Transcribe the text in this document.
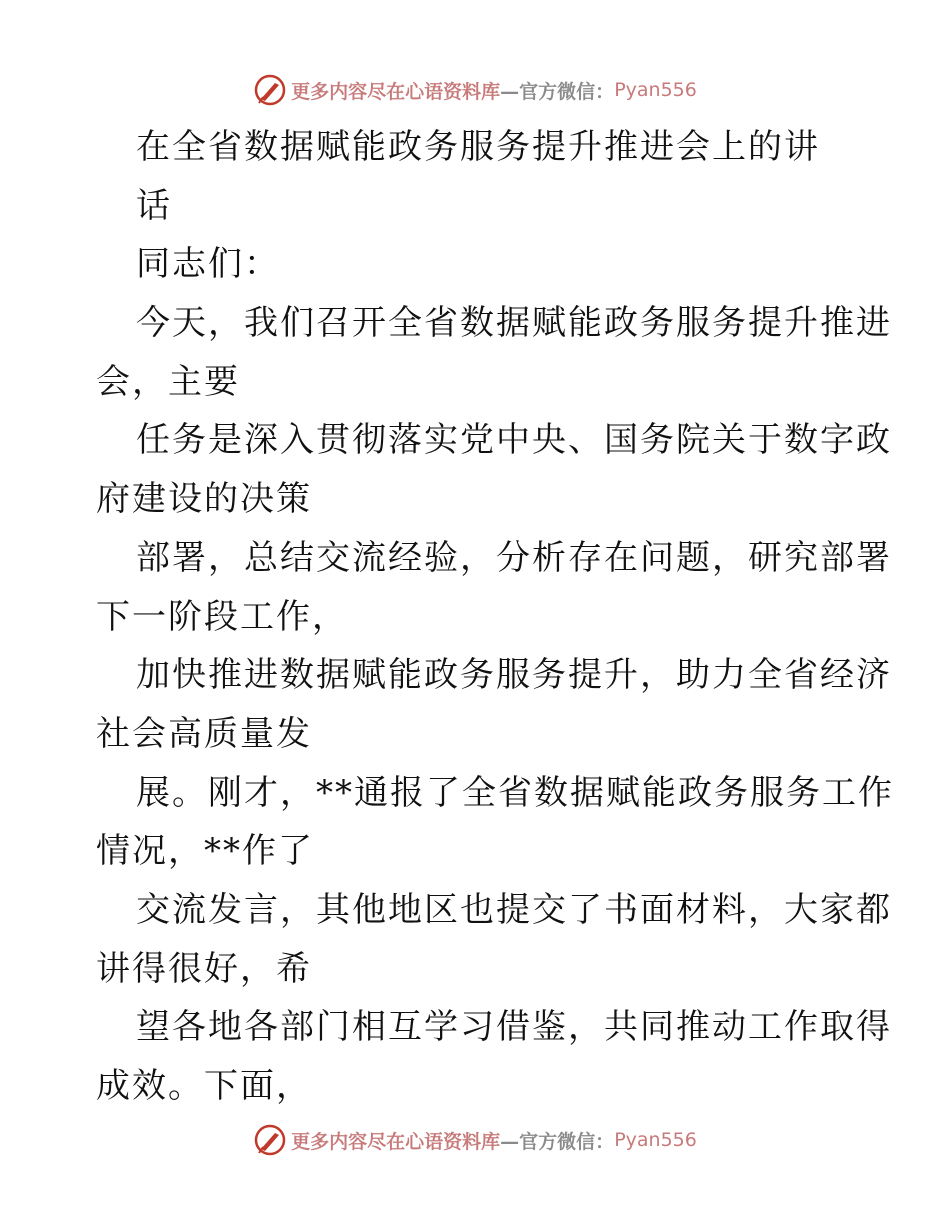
更多内容尽在心语资料库 —官方微信： Pyan556
在全省数据赋能政务服务提升推进会上的讲
话
同志们：
今天，我们召开全省数据赋能政务服务提升推进
会，主要
任务是深入贯彻落实党中央、国务院关于数字政
府建设的决策
部署，总结交流经验，分析存在问题，研究部署
下一阶段工作，
加快推进数据赋能政务服务提升，助力全省经济
社会高质量发
展。刚才，**通报了全省数据赋能政务服务工作
情况，**作了
交流发言，其他地区也提交了书面材料，大家都
讲得很好，希
望各地各部门相互学习借鉴，共同推动工作取得
成效。下面，
更多内容尽在心语资料库 —官方微信： Pyan556
